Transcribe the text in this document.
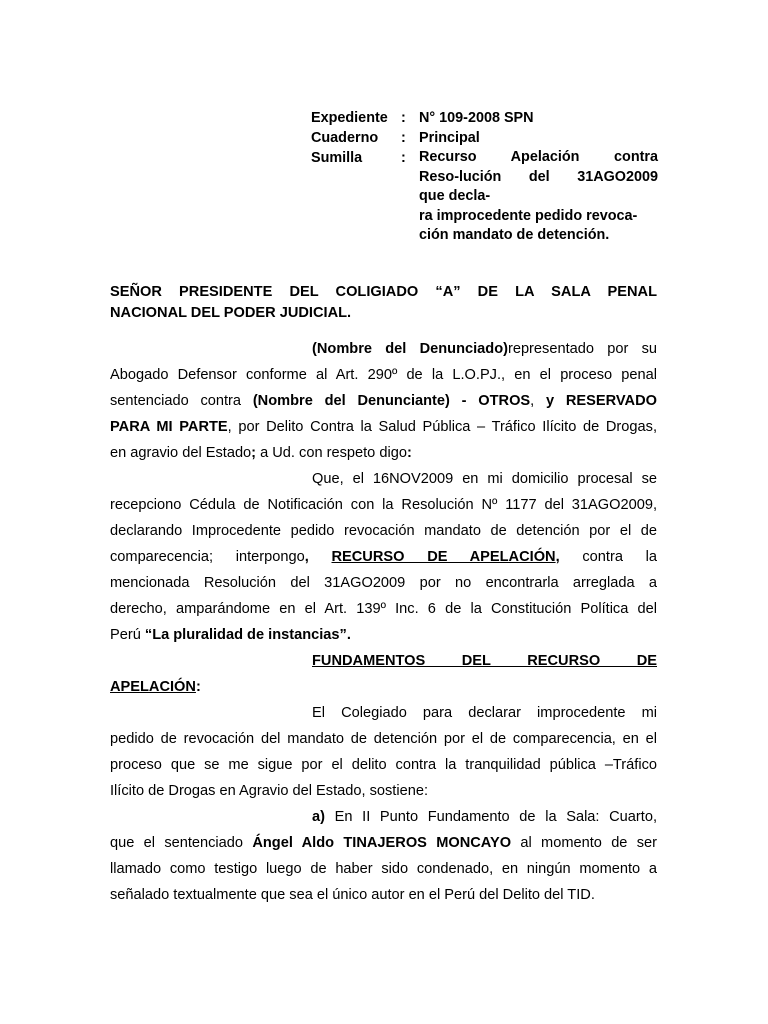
Expediente : N° 109-2008 SPN
Cuaderno	: Principal
Sumilla	: Recurso Apelación contra
Reso-lución del 31AGO2009
que decla-
ra improcedente pedido revoca-
ción mandato de detención.
SEÑOR PRESIDENTE DEL COLIGIADO “A” DE LA SALA PENAL
NACIONAL DEL PODER JUDICIAL.
(Nombre del Denunciado)representado por su
Abogado Defensor conforme al Art. 290º de la L.O.PJ., en el proceso penal
sentenciado contra (Nombre del Denunciante) - OTROS, y RESERVADO
PARA MI PARTE, por Delito Contra la Salud Pública – Tráfico Ilícito de Drogas,
en agravio del Estado; a Ud. con respeto digo:
Que, el 16NOV2009 en mi domicilio procesal se
recepciono Cédula de Notificación con la Resolución Nº 1177 del 31AGO2009,
declarando Improcedente pedido revocación mandato de detención por el de
comparecencia; interpongo, RECURSO DE APELACIÓN, contra la
mencionada Resolución del 31AGO2009 por no encontrarla arreglada a
derecho, amparándome en el Art. 139º Inc. 6 de la Constitución Política del
Perú “La pluralidad de instancias”.
FUNDAMENTOS DEL RECURSO DE
APELACIÓN:
El Colegiado para declarar improcedente mi
pedido de revocación del mandato de detención por el de comparecencia, en el
proceso que se me sigue por el delito contra la tranquilidad pública –Tráfico
Ilícito de Drogas en Agravio del Estado, sostiene:
a) En II Punto Fundamento de la Sala: Cuarto,
que el sentenciado Ángel Aldo TINAJEROS MONCAYO al momento de ser
llamado como testigo luego de haber sido condenado, en ningún momento a
señalado textualmente que sea el único autor en el Perú del Delito del TID.
